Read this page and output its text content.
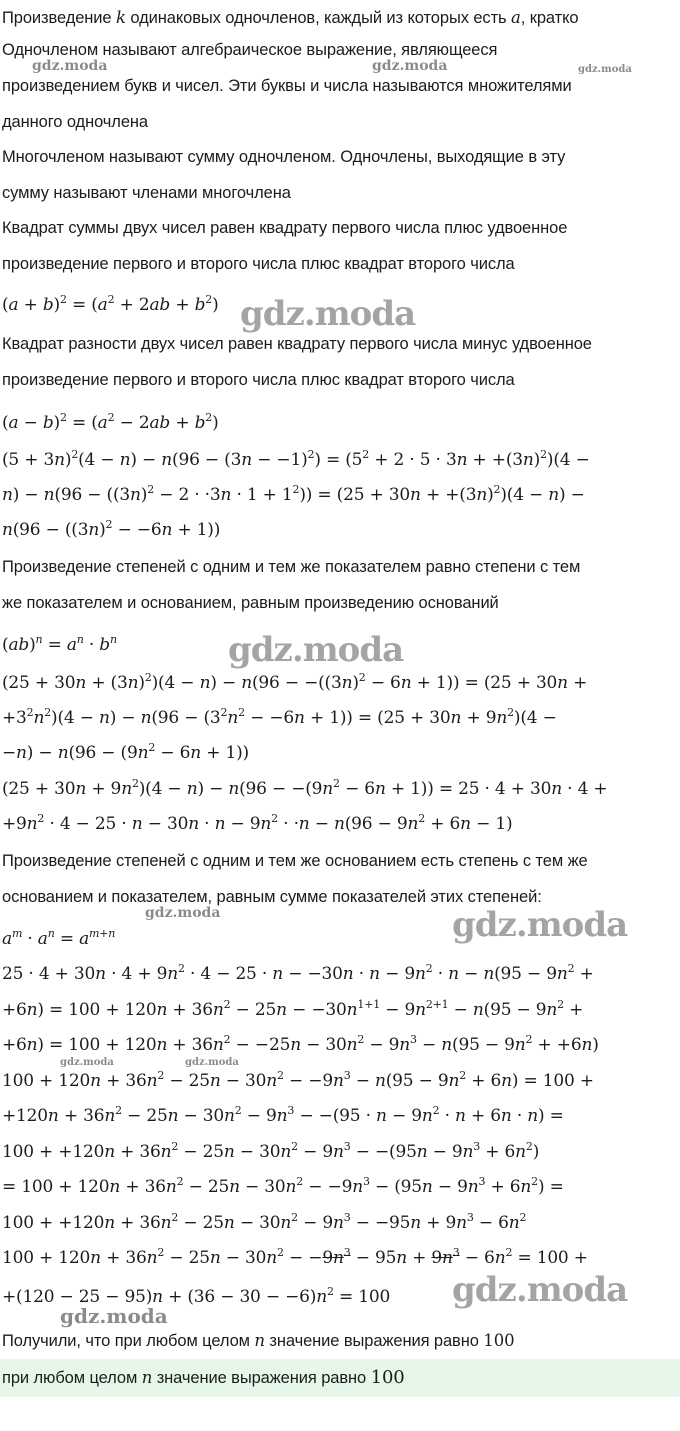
Произведение k одинаковых одночленов, каждый из которых есть a, кратко
Одночленом называют алгебраическое выражение, являющееся
произведением букв и чисел. Эти буквы и числа называются множителями
данного одночлена
Многочленом называют сумму одночленом. Одночлены, выходящие в эту
сумму называют членами многочлена
Квадрат суммы двух чисел равен квадрату первого числа плюс удвоенное
произведение первого и второго числа плюс квадрат второго числа
$(a + b)^2 = (a^2 + 2ab + b^2)$
Квадрат разности двух чисел равен квадрату первого числа минус удвоенное
произведение первого и второго числа плюс квадрат второго числа
$(a - b)^2 = (a^2 - 2ab + b^2)$
$(5 + 3n)^2(4 - n) - n(96 - (3n - -1)^2) = (5^2 + 2 \cdot 5 \cdot 3n + +(3n)^2)(4$ −
$n) - n(96 - ((3n)^2 - 2 \cdot \cdot 3n \cdot 1 + 1^2)) = (25 + 30n + +(3n)^2)(4 - n)$ −
$n(96 - ((3n)^2 - -6n + 1))$
Произведение степеней с одним и тем же показателем равно степени с тем
же показателем и основанием, равным произведению оснований
$(ab)^n = a^n \cdot b^n$
$(25 + 30n + (3n)^2)(4 - n) - n(96 - -((3n)^2 - 6n + 1)) = (25 + 30n$ +
$+3^2n^2)(4 - n) - n(96 - (3^2n^2 - -6n + 1)) = (25 + 30n + 9n^2)(4$ −
$-n) - n(96 - (9n^2 - 6n + 1))$
$(25 + 30n + 9n^2)(4 - n) - n(96 - -(9n^2 - 6n + 1)) = 25 \cdot 4 + 30n \cdot 4$ +
$+9n^2 \cdot 4 - 25 \cdot n - 30n \cdot n - 9n^2 \cdot \cdot n - n(96 - 9n^2 + 6n - 1)$
Произведение степеней с одним и тем же основанием есть степень с тем же
основанием и показателем, равным сумме показателей этих степеней:
$a^m \cdot a^n = a^{m+n}$
$25 \cdot 4 + 30n \cdot 4 + 9n^2 \cdot 4 - 25 \cdot n - -30n \cdot n - 9n^2 \cdot n - n(95 - 9n^2$ +
$+6n) = 100 + 120n + 36n^2 - 25n - -30n^{1+1} - 9n^{2+1} - n(95 - 9n^2$ +
$+6n) = 100 + 120n + 36n^2 - -25n - 30n^2 - 9n^3 - n(95 - 9n^2 + +6n)$
$100 + 120n + 36n^2 - 25n - 30n^2 - -9n^3 - n(95 - 9n^2 + 6n) = 100$ +
$+120n + 36n^2 - 25n - 30n^2 - 9n^3 - -(95 \cdot n - 9n^2 \cdot n + 6n \cdot n)$ =
$100 + +120n + 36n^2 - 25n - 30n^2 - 9n^3 - -(95n - 9n^3 + 6n^2)$
= $100 + 120n + 36n^2 - 25n - 30n^2 - -9n^3 - (95n - 9n^3 + 6n^2)$ =
$100 + +120n + 36n^2 - 25n - 30n^2 - 9n^3 - -95n + 9n^3 - 6n^2$
$100 + 120n + 36n^2 - 25n - 30n^2 - -9n^3 - 95n + 9n^3 - 6n^2 = 100$ +
$+(120 - 25 - 95)n + (36 - 30 - -6)n^2 = 100$
Получили, что при любом целом n значение выражения равно 100
при любом целом n значение выражения равно 100
gdz.moda	gdz.moda	gdz.moda
gdz.moda
gdz.moda
gdz.moda	gdz.moda
gdz.moda	gdz.moda
gdz.moda
gdz.moda
